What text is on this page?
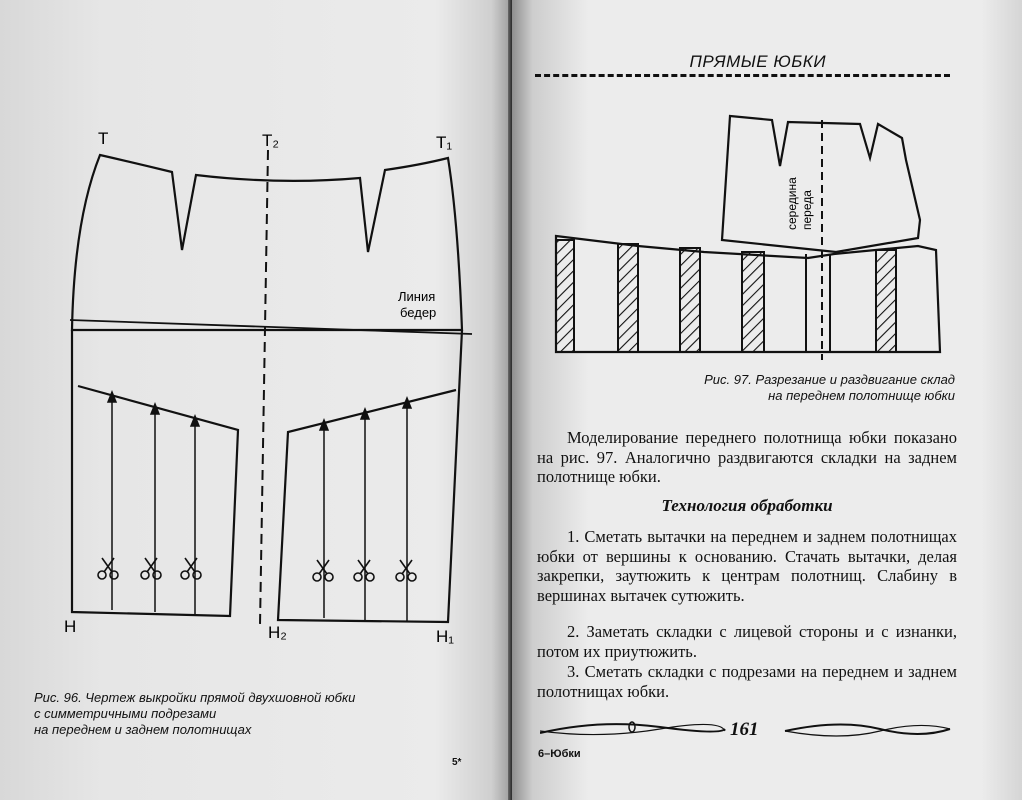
T	T₂	T₁
Линия
бедер
H	H₂	H₁
Рис. 96. Чертеж выкройки прямой двухшовной юбки
с симметричными подрезами
на переднем и заднем полотнищах
5*
ПРЯМЫЕ ЮБКИ
середина переда
Рис. 97. Разрезание и раздвигание склад
на переднем полотнище юбки

Моделирование переднего полотнища юбки показано на рис. 97. Аналогично раздвигаются складки на заднем полотнище юбки.

Технология обработки

1. Сметать вытачки на переднем и заднем полотнищах юбки от вершины к основанию. Стачать вытачки, делая закрепки, заутюжить к центрам полотнищ. Слабину в вершинах вытачек сутюжить.

2. Заметать складки с лицевой стороны и с изнанки, потом их приутюжить.

3. Сметать складки с подрезами на переднем и заднем полотнищах юбки.

161
6–Юбки
